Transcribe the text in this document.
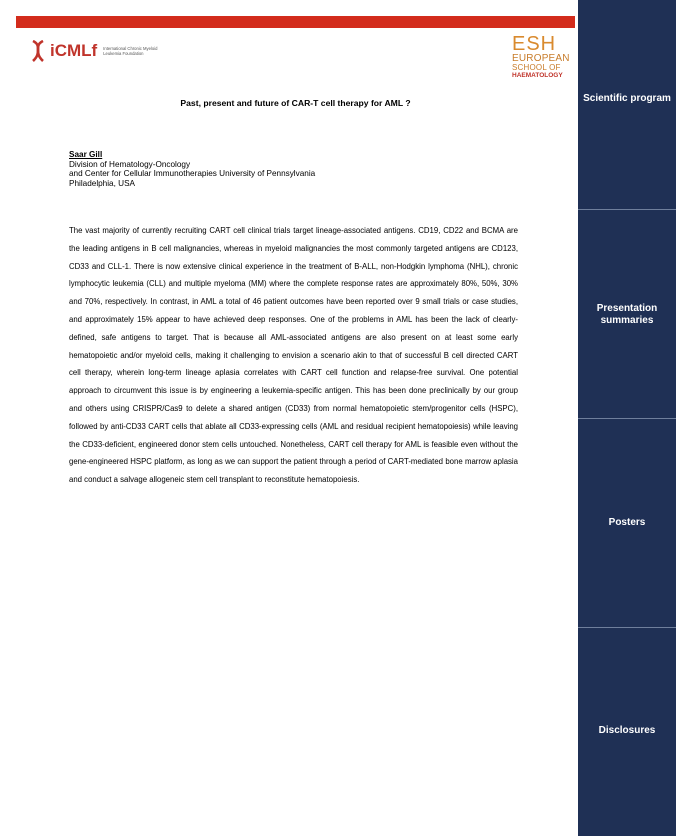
iCMLf International Chronic Myeloid Leukemia Foundation	ESH
EUROPEAN
SCHOOL OF
HAEMATOLOGY
Past, present and future of CAR-T cell therapy for AML ?
Saar Gill
Division of Hematology-Oncology
and Center for Cellular Immunotherapies University of Pennsylvania
Philadelphia, USA

The vast majority of currently recruiting CART cell clinical trials target lineage-associated antigens. CD19, CD22 and BCMA are the leading antigens in B cell malignancies, whereas in myeloid malignancies the most commonly targeted antigens are CD123, CD33 and CLL-1. There is now extensive clinical experience in the treatment of B-ALL, non-Hodgkin lymphoma (NHL), chronic lymphocytic leukemia (CLL) and multiple myeloma (MM) where the complete response rates are approximately 80%, 50%, 30% and 70%, respectively. In contrast, in AML a total of 46 patient outcomes have been reported over 9 small trials or case studies, and approximately 15% appear to have achieved deep responses. One of the problems in AML has been the lack of clearly-defined, safe antigens to target. That is because all AML-associated antigens are also present on at least some early hematopoietic and/or myeloid cells, making it challenging to envision a scenario akin to that of successful B cell directed CART cell therapy, wherein long-term lineage aplasia correlates with CART cell function and relapse-free survival. One potential approach to circumvent this issue is by engineering a leukemia-specific antigen. This has been done preclinically by our group and others using CRISPR/Cas9 to delete a shared antigen (CD33) from normal hematopoietic stem/progenitor cells (HSPC), followed by anti-CD33 CART cells that ablate all CD33-expressing cells (AML and residual recipient hematopoiesis) while leaving the CD33-deficient, engineered donor stem cells untouched. Nonetheless, CART cell therapy for AML is feasible even without the gene-engineered HSPC platform, as long as we can support the patient through a period of CART-mediated bone marrow aplasia and conduct a salvage allogeneic stem cell transplant to reconstitute hematopoiesis.

Scientific program
Presentation summaries
Posters
Disclosures
